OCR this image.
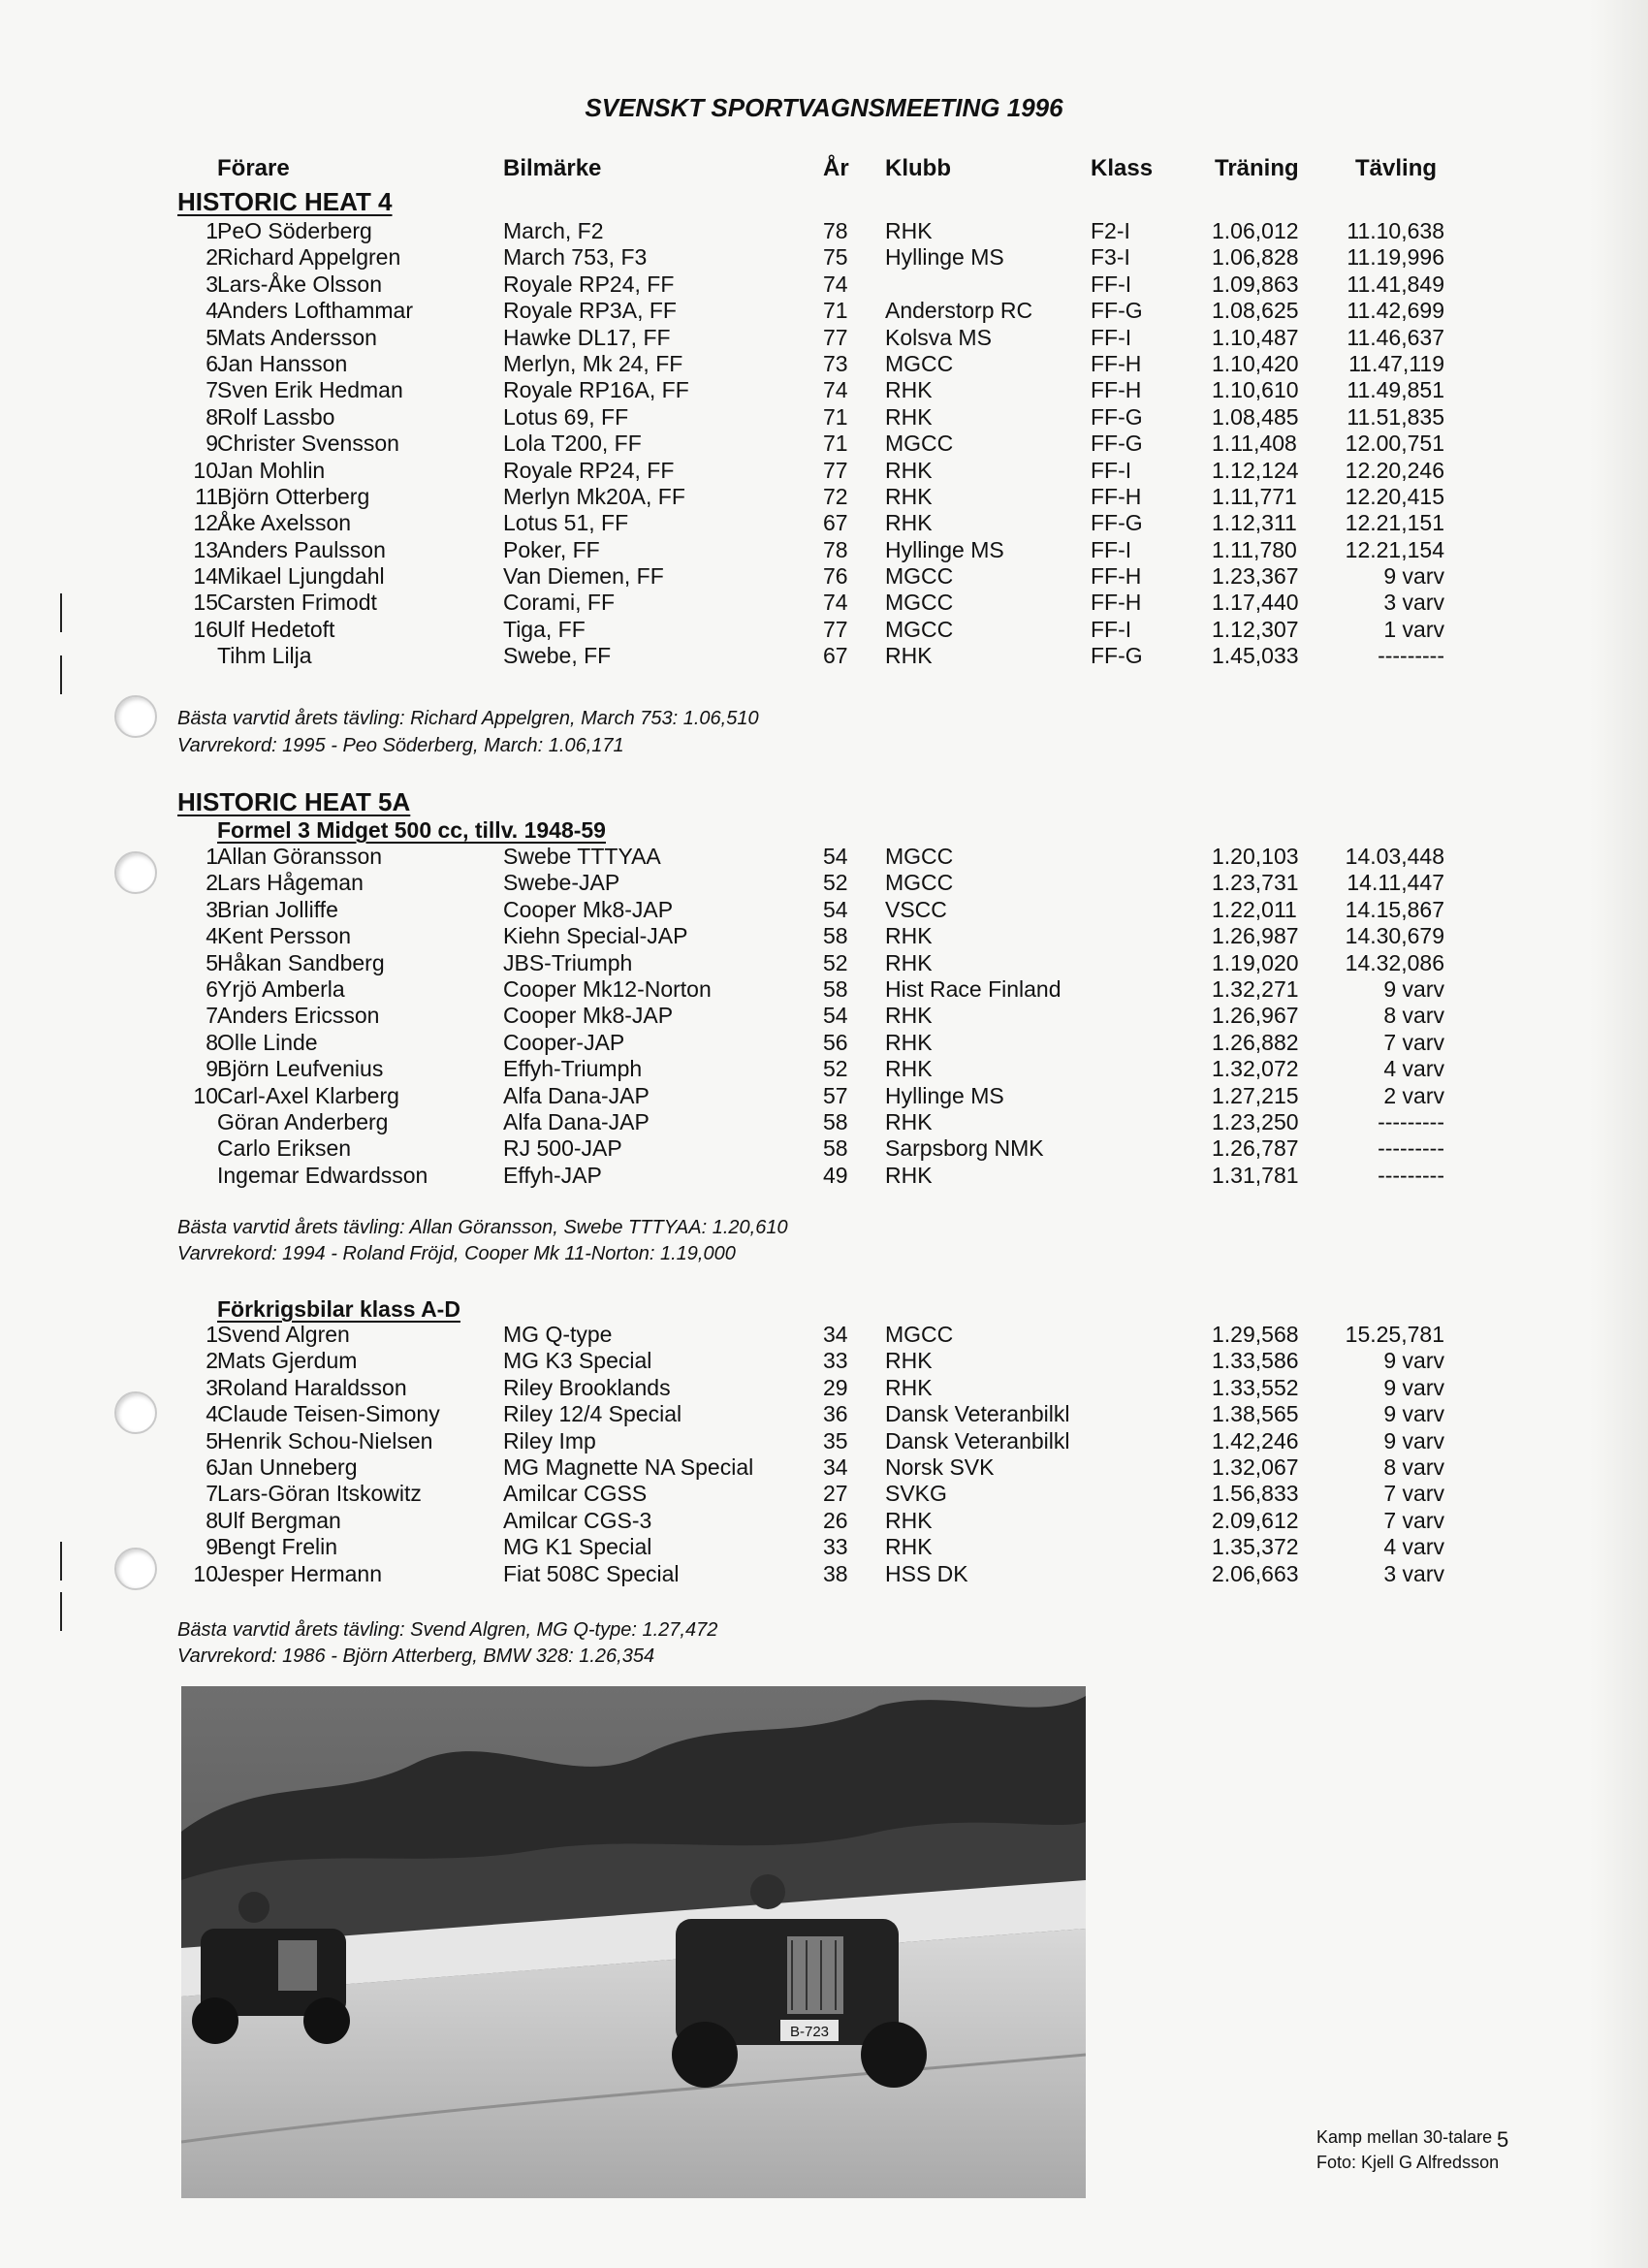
SVENSKT SPORTVAGNSMEETING 1996
Förare	Bilmärke	År Klubb	Klass	Träning Tävling
HISTORIC HEAT 4
1 PeO Söderberg	March, F2	78 RHK	F2-I	1.06,012 11.10,638
2 Richard Appelgren	March 753, F3	75 Hyllinge MS	F3-I	1.06,828 11.19,996
3 Lars-Åke Olsson	Royale RP24, FF	74	FF-I	1.09,863 11.41,849
4 Anders Lofthammar	Royale RP3A, FF	71 Anderstorp RC	FF-G	1.08,625 11.42,699
5 Mats Andersson	Hawke DL17, FF	77 Kolsva MS	FF-I	1.10,487 11.46,637
6 Jan Hansson	Merlyn, Mk 24, FF	73 MGCC	FF-H	1.10,420 11.47,119
7 Sven Erik Hedman	Royale RP16A, FF	74 RHK	FF-H	1.10,610 11.49,851
8 Rolf Lassbo	Lotus 69, FF	71 RHK	FF-G	1.08,485 11.51,835
9 Christer Svensson	Lola T200, FF	71 MGCC	FF-G	1.11,408 12.00,751
10 Jan Mohlin	Royale RP24, FF	77 RHK	FF-I	1.12,124 12.20,246
11 Björn Otterberg	Merlyn Mk20A, FF	72 RHK	FF-H	1.11,771 12.20,415
12 Åke Axelsson	Lotus 51, FF	67 RHK	FF-G	1.12,311 12.21,151
13 Anders Paulsson	Poker, FF	78 Hyllinge MS	FF-I	1.11,780 12.21,154
14 Mikael Ljungdahl	Van Diemen, FF	76 MGCC	FF-H	1.23,367	9 varv
15 Carsten Frimodt	Corami, FF	74 MGCC	FF-H	1.17,440	3 varv
16 Ulf Hedetoft	Tiga, FF	77 MGCC	FF-I	1.12,307	1 varv
Tihm Lilja	Swebe, FF	67 RHK	FF-G	1.45,033	---------
Bästa varvtid årets tävling: Richard Appelgren, March 753: 1.06,510
Varvrekord: 1995 - Peo Söderberg, March: 1.06,171
HISTORIC HEAT 5A
Formel 3 Midget 500 cc, tillv. 1948-59
1 Allan Göransson	Swebe TTTYAA	54 MGCC	1.20,103 14.03,448
2 Lars Hågeman	Swebe-JAP	52 MGCC	1.23,731 14.11,447
3 Brian Jolliffe	Cooper Mk8-JAP	54 VSCC	1.22,011 14.15,867
4 Kent Persson	Kiehn Special-JAP	58 RHK	1.26,987 14.30,679
5 Håkan Sandberg	JBS-Triumph	52 RHK	1.19,020 14.32,086
6 Yrjö Amberla	Cooper Mk12-Norton	58 Hist Race Finland	1.32,271	9 varv
7 Anders Ericsson	Cooper Mk8-JAP	54 RHK	1.26,967	8 varv
8 Olle Linde	Cooper-JAP	56 RHK	1.26,882	7 varv
9 Björn Leufvenius	Effyh-Triumph	52 RHK	1.32,072	4 varv
10 Carl-Axel Klarberg	Alfa Dana-JAP	57 Hyllinge MS	1.27,215	2 varv
Göran Anderberg	Alfa Dana-JAP	58 RHK	1.23,250	---------
Carlo Eriksen	RJ 500-JAP	58 Sarpsborg NMK	1.26,787	---------
Ingemar Edwardsson	Effyh-JAP	49 RHK	1.31,781	---------
Bästa varvtid årets tävling: Allan Göransson, Swebe TTTYAA: 1.20,610
Varvrekord: 1994 - Roland Fröjd, Cooper Mk 11-Norton: 1.19,000
Förkrigsbilar klass A-D
1 Svend Algren	MG Q-type	34 MGCC	1.29,568 15.25,781
2 Mats Gjerdum	MG K3 Special	33 RHK	1.33,586	9 varv
3 Roland Haraldsson	Riley Brooklands	29 RHK	1.33,552	9 varv
4 Claude Teisen-Simony	Riley 12/4 Special	36 Dansk Veteranbilkl	1.38,565	9 varv
5 Henrik Schou-Nielsen	Riley Imp	35 Dansk Veteranbilkl	1.42,246	9 varv
6 Jan Unneberg	MG Magnette NA Special	34 Norsk SVK	1.32,067	8 varv
7 Lars-Göran Itskowitz	Amilcar CGSS	27 SVKG	1.56,833	7 varv
8 Ulf Bergman	Amilcar CGS-3	26 RHK	2.09,612	7 varv
9 Bengt Frelin	MG K1 Special	33 RHK	1.35,372	4 varv
10 Jesper Hermann	Fiat 508C Special	38 HSS DK	2.06,663	3 varv
Bästa varvtid årets tävling: Svend Algren, MG Q-type: 1.27,472
Varvrekord: 1986 - Björn Atterberg, BMW 328: 1.26,354
B-723
Kamp mellan 30-talare
Foto: Kjell G Alfredsson
5
